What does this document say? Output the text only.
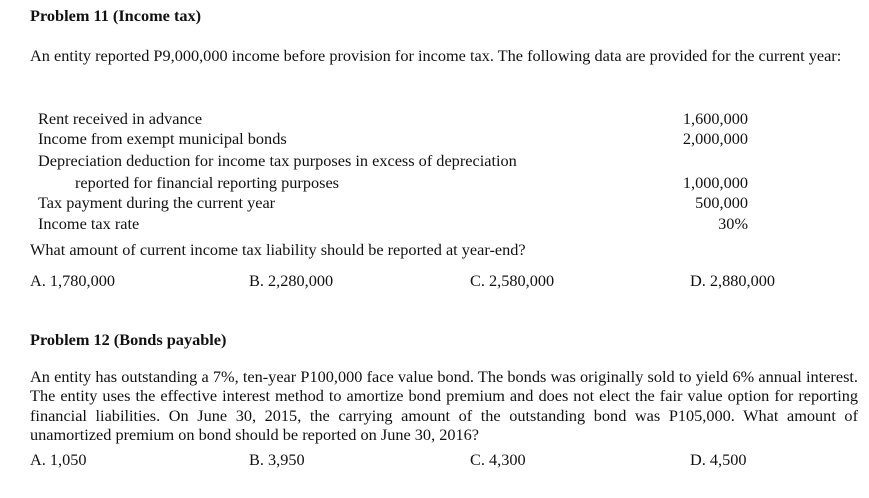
Problem 11 (Income tax)
An entity reported P9,000,000 income before provision for income tax. The following data are provided for the current year:
Rent received in advance	1,600,000
Income from exempt municipal bonds	2,000,000
Depreciation deduction for income tax purposes in excess of depreciation
reported for financial reporting purposes	1,000,000
Tax payment during the current year	500,000
Income tax rate	30%
What amount of current income tax liability should be reported at year-end?
A. 1,780,000	B. 2,280,000	C. 2,580,000	D. 2,880,000
Problem 12 (Bonds payable)
An entity has outstanding a 7%, ten-year P100,000 face value bond. The bonds was originally sold to yield 6% annual interest. The entity uses the effective interest method to amortize bond premium and does not elect the fair value option for reporting financial liabilities. On June 30, 2015, the carrying amount of the outstanding bond was P105,000. What amount of unamortized premium on bond should be reported on June 30, 2016?
A. 1,050	B. 3,950	C. 4,300	D. 4,500
